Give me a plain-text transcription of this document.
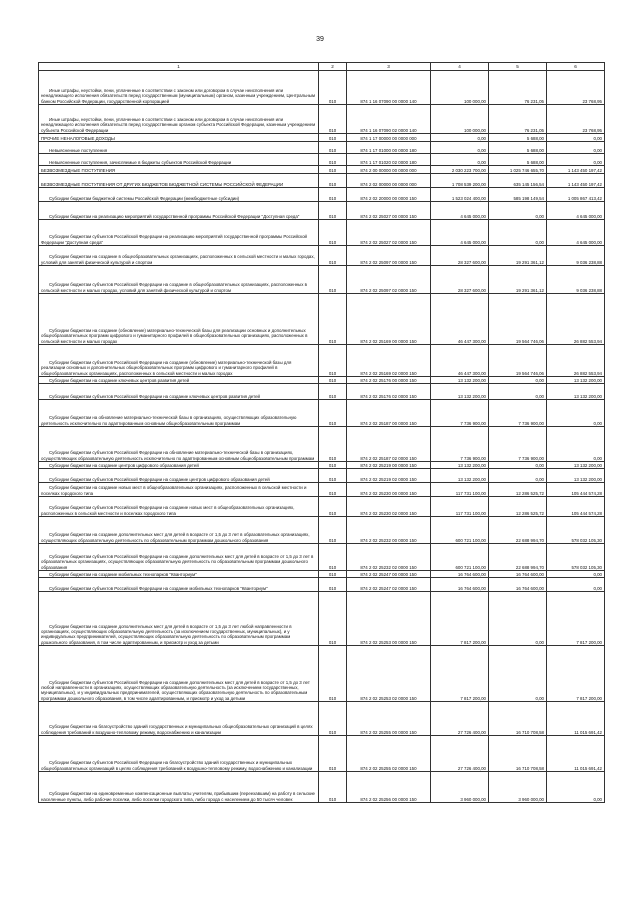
39
1	2	3	4	5	6
Иные штрафы, неустойки, пени, уплаченные в соответствии с законом или договором в случае неисполнения или ненадлежащего исполнения обязательств перед государственным (муниципальным) органом, казенным учреждением, Центральным банком Российской Федерации, государственной корпорацией	010	874 1 16 07090 00 0000 140	100 000,00	76 231,05	23 768,95
Иные штрафы, неустойки, пени, уплаченные в соответствии с законом или договором в случае неисполнения или ненадлежащего исполнения обязательств перед государственным органом субъекта Российской Федерации, казенным учреждением субъекта Российской Федерации	010	874 1 16 07090 02 0000 140	100 000,00	76 231,05	23 768,95
ПРОЧИЕ НЕНАЛОГОВЫЕ ДОХОДЫ	010	874 1 17 00000 00 0000 000	0,00	5 688,00	0,00
Невыясненные поступления	010	874 1 17 01000 00 0000 180	0,00	5 688,00	0,00
Невыясненные поступления, зачисляемые в бюджеты субъектов Российской Федерации	010	874 1 17 01020 02 0000 180	0,00	5 688,00	0,00
БЕЗВОЗМЕЗДНЫЕ ПОСТУПЛЕНИЯ	010	874 2 00 00000 00 0000 000	2 030 223 700,00	1 025 746 655,70	1 143 450 197,42
БЕЗВОЗМЕЗДНЫЕ ПОСТУПЛЕНИЯ ОТ ДРУГИХ БЮДЖЕТОВ БЮДЖЕТНОЙ СИСТЕМЫ РОССИЙСКОЙ ФЕДЕРАЦИИ	010	874 2 02 00000 00 0000 000	1 708 539 200,00	635 145 156,54	1 143 450 197,42
Субсидии бюджетам бюджетной системы Российской Федерации (межбюджетные субсидии)	010	874 2 02 20000 00 0000 150	1 523 024 400,00	585 198 149,54	1 005 867 413,42
Субсидии бюджетам на реализацию мероприятий государственной программы Российской Федерации "Доступная среда"	010	874 2 02 25027 00 0000 150	4 645 000,00	0,00	4 645 000,00
Субсидии бюджетам субъектов Российской Федерации на реализацию мероприятий государственной программы Российской Федерации "Доступная среда"	010	874 2 02 25027 02 0000 150	4 645 000,00	0,00	4 645 000,00
Субсидии бюджетам на создание в общеобразовательных организациях, расположенных в сельской местности и малых городах, условий для занятий физической культурой и спортом	010	874 2 02 25097 00 0000 150	28 327 600,00	19 291 361,12	9 036 238,88
Субсидии бюджетам субъектов Российской Федерации на создание в общеобразовательных организациях, расположенных в сельской местности и малых городах, условий для занятий физической культурой и спортом	010	874 2 02 25097 02 0000 150	28 327 600,00	19 291 361,12	9 036 238,88
Субсидии бюджетам на создание (обновление) материально-технической базы для реализации основных и дополнительных общеобразовательных программ цифрового и гуманитарного профилей в общеобразовательных организациях, расположенных в сельской местности и малых городах	010	874 2 02 25169 00 0000 150	46 447 300,00	19 564 746,06	26 882 553,94
Субсидии бюджетам субъектов Российской Федерации на создание (обновление) материально-технической базы для реализации основных и дополнительных общеобразовательных программ цифрового и гуманитарного профилей в общеобразовательных организациях, расположенных в сельской местности и малых городах	010	874 2 02 25169 02 0000 150	46 447 300,00	19 564 746,06	26 882 553,94
Субсидии бюджетам на создание ключевых центров развития детей	010	874 2 02 25176 00 0000 150	13 132 200,00	0,00	13 132 200,00
Субсидии бюджетам субъектов Российской Федерации на создание ключевых центров развития детей	010	874 2 02 25176 02 0000 150	13 132 200,00	0,00	13 132 200,00
Субсидии бюджетам на обновление материально-технической базы в организациях, осуществляющих образовательную деятельность исключительно по адаптированным основным общеобразовательным программам	010	874 2 02 25187 00 0000 150	7 736 900,00	7 736 900,00	0,00
Субсидии бюджетам субъектов Российской Федерации на обновление материально-технической базы в организациях, осуществляющих образовательную деятельность исключительно по адаптированным основным общеобразовательным программам	010	874 2 02 25187 02 0000 150	7 736 900,00	7 736 900,00	0,00
Субсидии бюджетам на создание центров цифрового образования детей	010	874 2 02 25219 00 0000 150	13 132 200,00	0,00	13 132 200,00
Субсидии бюджетам субъектов Российской Федерации на создание центров цифрового образования детей	010	874 2 02 25219 02 0000 150	13 132 200,00	0,00	13 132 200,00
Субсидии бюджетам на создание новых мест в общеобразовательных организациях, расположенных в сельской местности и поселках городского типа	010	874 2 02 25230 00 0000 150	117 731 100,00	12 286 525,72	105 444 574,28
Субсидии бюджетам субъектов Российской Федерации на создание новых мест в общеобразовательных организациях, расположенных в сельской местности и поселках городского типа	010	874 2 02 25230 02 0000 150	117 731 100,00	12 286 525,72	105 444 574,28
Субсидии бюджетам на создание дополнительных мест для детей в возрасте от 1,5 до 3 лет в образовательных организациях, осуществляющих образовательную деятельность по образовательным программам дошкольного образования	010	874 2 02 25232 00 0000 150	600 721 100,00	22 688 994,70	578 032 105,30
Субсидии бюджетам субъектов Российской Федерации на создание дополнительных мест для детей в возрасте от 1,5 до 3 лет в образовательных организациях, осуществляющих образовательную деятельность по образовательным программам дошкольного образования	010	874 2 02 25232 02 0000 150	600 721 100,00	22 688 994,70	578 032 105,30
Субсидии бюджетам на создание мобильных технопарков "Кванториум"	010	874 2 02 25247 00 0000 150	16 764 600,00	16 764 600,00	0,00
Субсидии бюджетам субъектов Российской Федерации на создание мобильных технопарков "Кванториум"	010	874 2 02 25247 02 0000 150	16 764 600,00	16 764 600,00	0,00
Субсидии бюджетам на создание дополнительных мест для детей в возрасте от 1,5 до 3 лет любой направленности в организациях, осуществляющих образовательную деятельность (за исключением государственных, муниципальных), и у индивидуальных предпринимателей, осуществляющих образовательную деятельность по образовательным программам дошкольного образования, в том числе адаптированным, и присмотр и уход за детьми	010	874 2 02 25253 00 0000 150	7 817 200,00	0,00	7 817 200,00
Субсидии бюджетам субъектов Российской Федерации на создание дополнительных мест для детей в возрасте от 1,5 до 3 лет любой направленности в организациях, осуществляющих образовательную деятельность (за исключением государственных, муниципальных), и у индивидуальных предпринимателей, осуществляющих образовательную деятельность по образовательным программам дошкольного образования, в том числе адаптированным, и присмотр и уход за детьми	010	874 2 02 25253 02 0000 150	7 817 200,00	0,00	7 817 200,00
Субсидии бюджетам на благоустройство зданий государственных и муниципальных общеобразовательных организаций в целях соблюдения требований к воздушно-тепловому режиму, водоснабжению и канализации	010	874 2 02 25255 00 0000 150	27 726 400,00	16 710 708,58	11 015 691,42
Субсидии бюджетам субъектов Российской Федерации на благоустройство зданий государственных и муниципальных общеобразовательных организаций в целях соблюдения требований к воздушно-тепловому режиму, водоснабжению и канализации	010	874 2 02 25255 02 0000 150	27 726 400,00	16 710 708,58	11 015 691,42
Субсидии бюджетам на единовременные компенсационные выплаты учителям, прибывшим (переехавшим) на работу в сельские населенные пункты, либо рабочие поселки, либо поселки городского типа, либо города с населением до 50 тысяч человек	010	874 2 02 25256 00 0000 150	3 960 000,00	3 960 000,00	0,00
